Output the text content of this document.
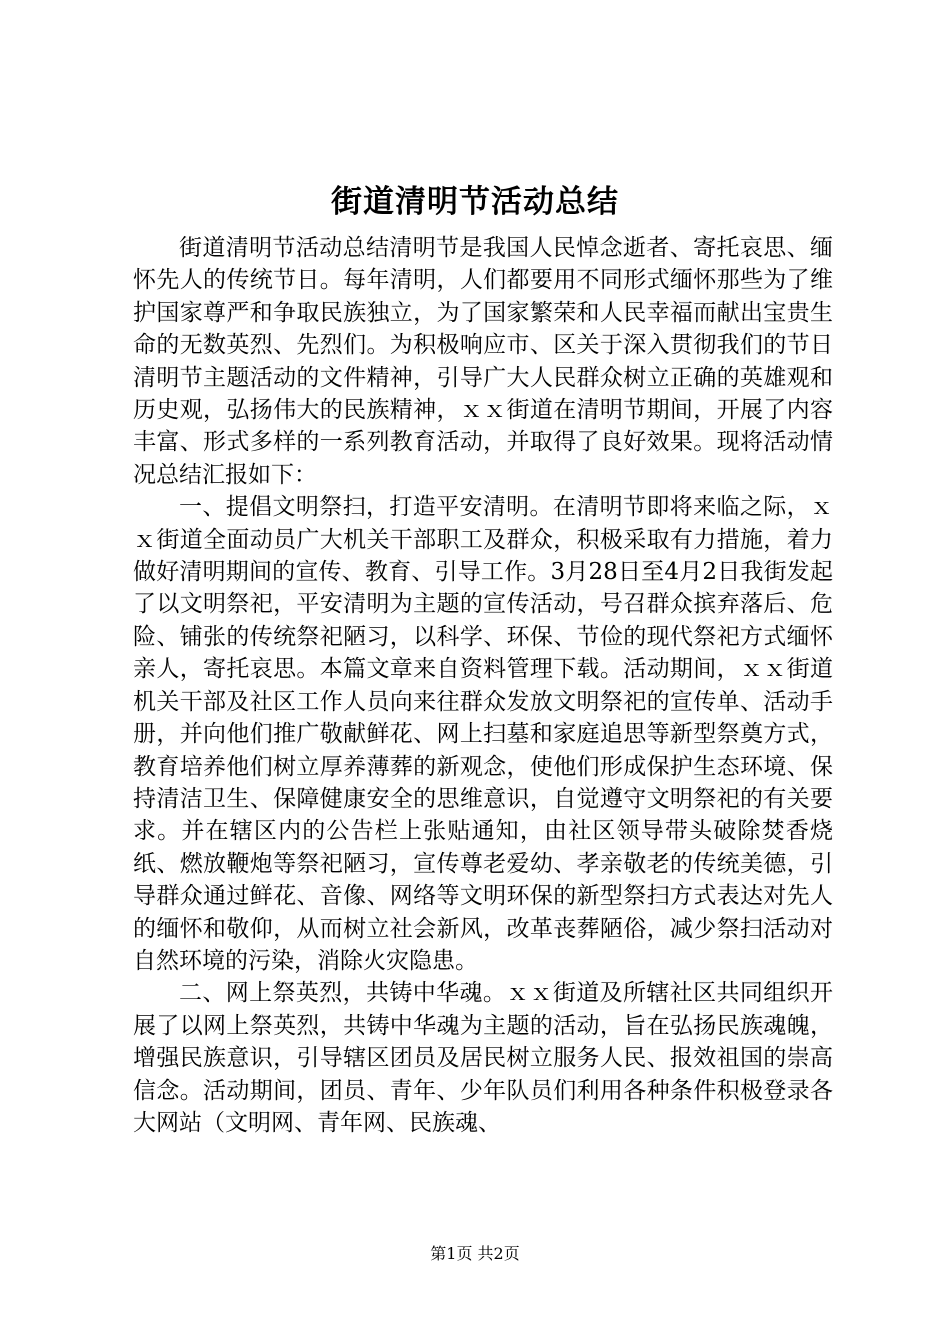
街道清明节活动总结

街道清明节活动总结清明节是我国人民悼念逝者、寄托哀思、缅怀先人的传统节日。每年清明，人们都要用不同形式缅怀那些为了维护国家尊严和争取民族独立，为了国家繁荣和人民幸福而献出宝贵生命的无数英烈、先烈们。为积极响应市、区关于深入贯彻我们的节日清明节主题活动的文件精神，引导广大人民群众树立正确的英雄观和历史观，弘扬伟大的民族精神，ｘｘ街道在清明节期间，开展了内容丰富、形式多样的一系列教育活动，并取得了良好效果。现将活动情况总结汇报如下：

一、提倡文明祭扫，打造平安清明。在清明节即将来临之际，ｘｘ街道全面动员广大机关干部职工及群众，积极采取有力措施，着力做好清明期间的宣传、教育、引导工作。3月28日至4月2日我街发起了以文明祭祀，平安清明为主题的宣传活动，号召群众摈弃落后、危险、铺张的传统祭祀陋习，以科学、环保、节俭的现代祭祀方式缅怀亲人，寄托哀思。本篇文章来自资料管理下载。活动期间，ｘｘ街道机关干部及社区工作人员向来往群众发放文明祭祀的宣传单、活动手册，并向他们推广敬献鲜花、网上扫墓和家庭追思等新型祭奠方式，教育培养他们树立厚养薄葬的新观念，使他们形成保护生态环境、保持清洁卫生、保障健康安全的思维意识，自觉遵守文明祭祀的有关要求。并在辖区内的公告栏上张贴通知，由社区领导带头破除焚香烧纸、燃放鞭炮等祭祀陋习，宣传尊老爱幼、孝亲敬老的传统美德，引导群众通过鲜花、音像、网络等文明环保的新型祭扫方式表达对先人的缅怀和敬仰，从而树立社会新风，改革丧葬陋俗，减少祭扫活动对自然环境的污染，消除火灾隐患。

二、网上祭英烈，共铸中华魂。ｘｘ街道及所辖社区共同组织开展了以网上祭英烈，共铸中华魂为主题的活动，旨在弘扬民族魂魄，增强民族意识，引导辖区团员及居民树立服务人民、报效祖国的崇高信念。活动期间，团员、青年、少年队员们利用各种条件积极登录各大网站（文明网、青年网、民族魂、

第1页 共2页
